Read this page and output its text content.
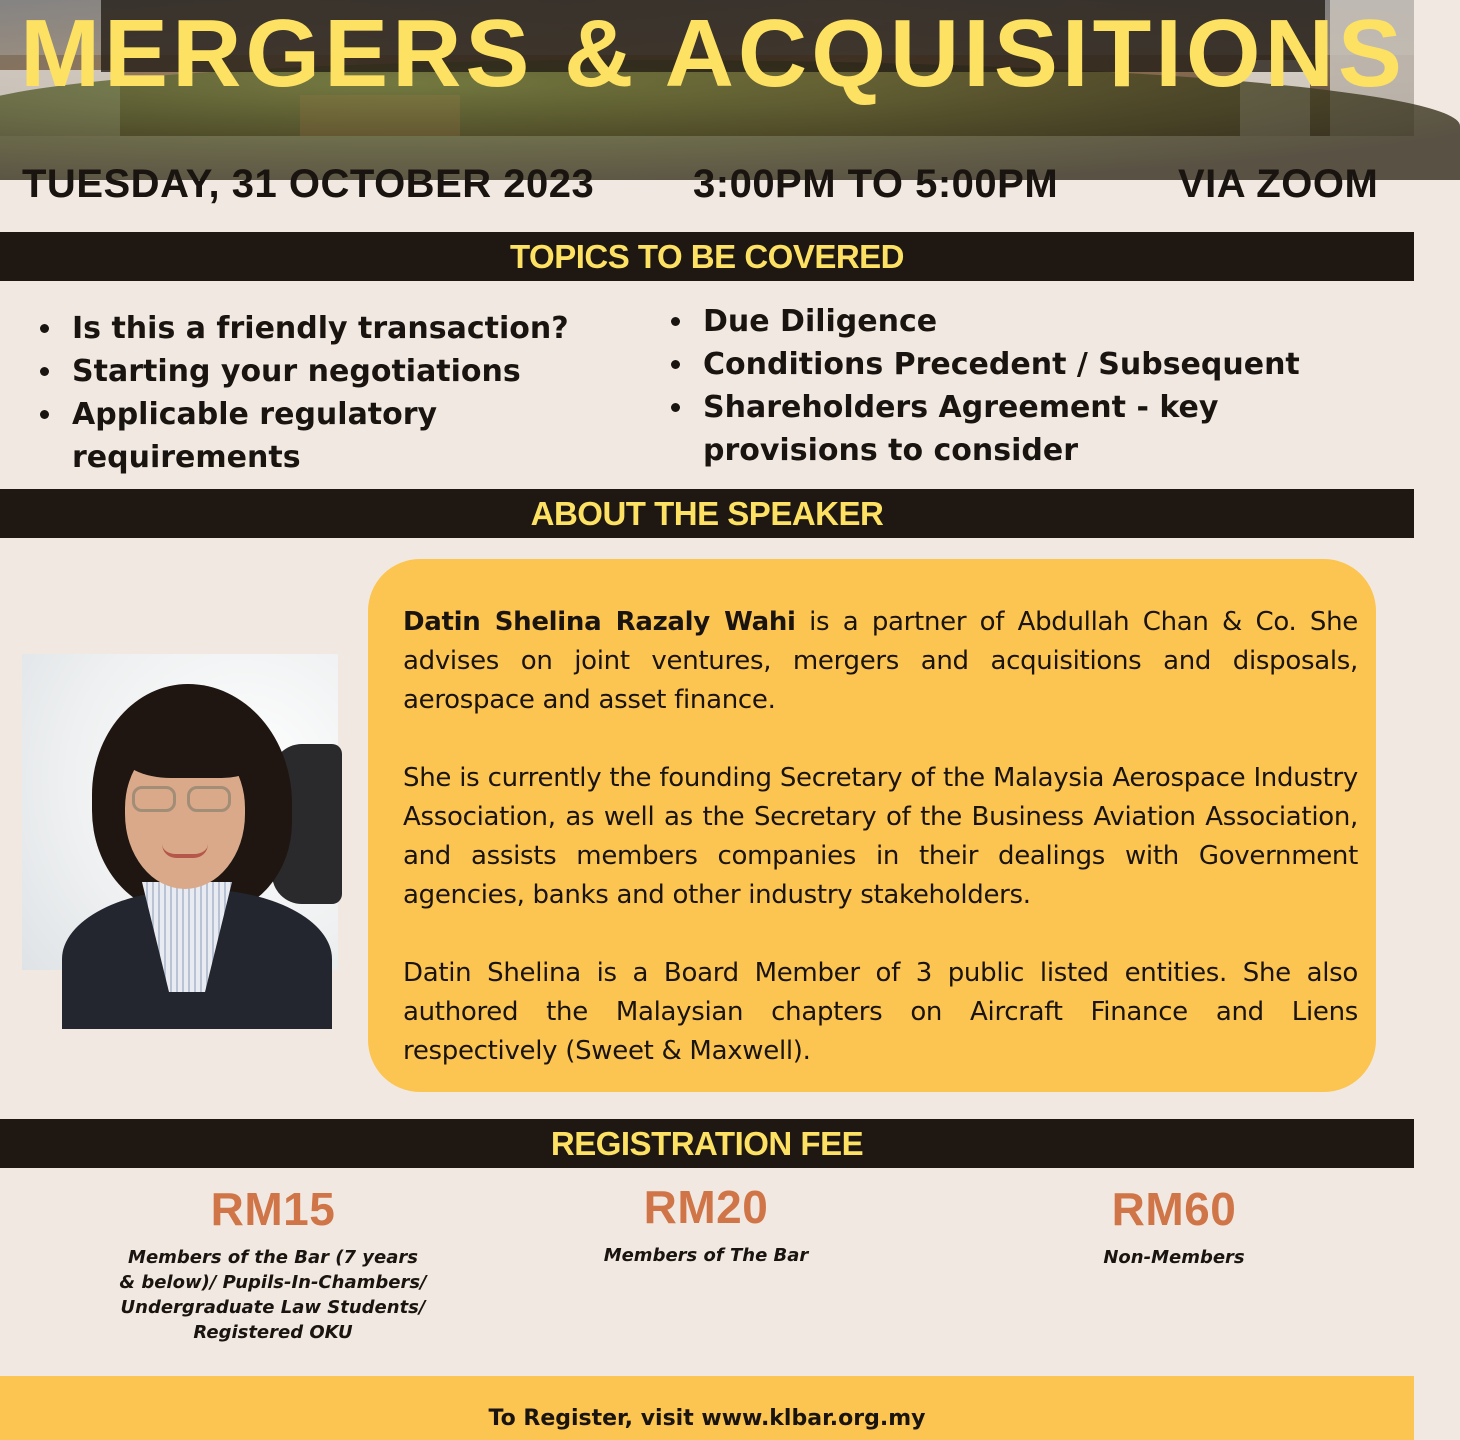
MERGERS & ACQUISITIONS
TUESDAY, 31 OCTOBER 2023 3:00PM TO 5:00PM	VIA ZOOM
TOPICS TO BE COVERED
Is this a friendly transaction?
Starting your negotiations
Applicable regulatory requirements
Due Diligence
Conditions Precedent / Subsequent
Shareholders Agreement - key provisions to consider
ABOUT THE SPEAKER

Datin Shelina Razaly Wahi is a partner of Abdullah Chan & Co. She advises on joint ventures, mergers and acquisitions and disposals, aerospace and asset finance.

She is currently the founding Secretary of the Malaysia Aerospace Industry Association, as well as the Secretary of the Business Aviation Association, and assists members companies in their dealings with Government agencies, banks and other industry stakeholders.

Datin Shelina is a Board Member of 3 public listed entities. She also authored the Malaysian chapters on Aircraft Finance and Liens respectively (Sweet & Maxwell).

REGISTRATION FEE
RM15
Members of the Bar (7 years & below)/ Pupils-In-Chambers/ Undergraduate Law Students/ Registered OKU
RM20
Members of The Bar
RM60
Non-Members
To Register, visit www.klbar.org.my
